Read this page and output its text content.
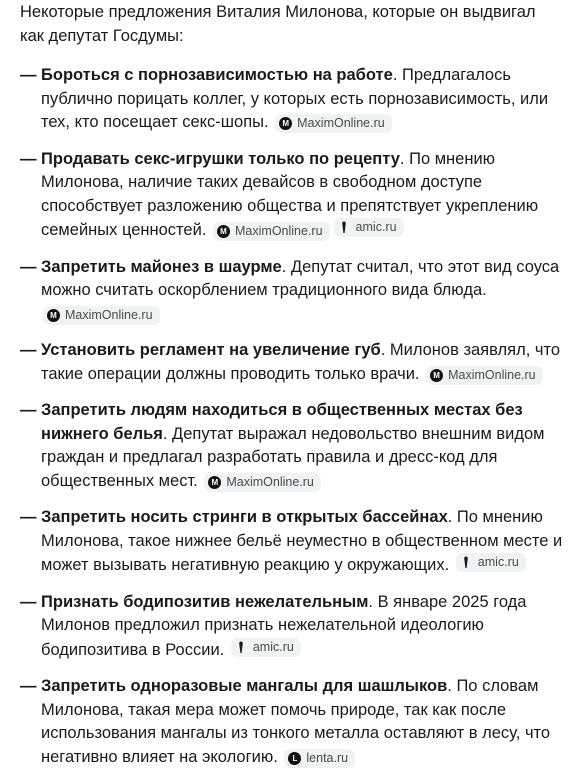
Некоторые предложения Виталия Милонова, которые он выдвигал как депутат Госдумы:

— Бороться с порнозависимостью на работе. Предлагалось публично порицать коллег, у которых есть порнозависимость, или тех, кто посещает секс-шопы.	M MaximOnline.ru
— Продавать секс-игрушки только по рецепту. По мнению Милонова, наличие таких девайсов в свободном доступе способствует разложению общества и препятствует укреплению семейных ценностей.	M MaximOnline.ru	amic.ru
— Запретить майонез в шаурме. Депутат считал, что этот вид соуса можно считать оскорблением традиционного вида блюда.
M MaximOnline.ru
— Установить регламент на увеличение губ. Милонов заявлял, что такие операции должны проводить только врачи.	M MaximOnline.ru
— Запретить людям находиться в общественных местах без нижнего белья. Депутат выражал недовольство внешним видом граждан и предлагал разработать правила и дресс-код для общественных мест.	M MaximOnline.ru
— Запретить носить стринги в открытых бассейнах. По мнению Милонова, такое нижнее бельё неуместно в общественном месте и может вызывать негативную реакцию у окружающих. amic.ru
— Признать бодипозитив нежелательным. В январе 2025 года Милонов предложил признать нежелательной идеологию бодипозитива в России. amic.ru
— Запретить одноразовые мангалы для шашлыков. По словам Милонова, такая мера может помочь природе, так как после использования мангалы из тонкого металла оставляют в лесу, что негативно влияет на экологию.	L lenta.ru
